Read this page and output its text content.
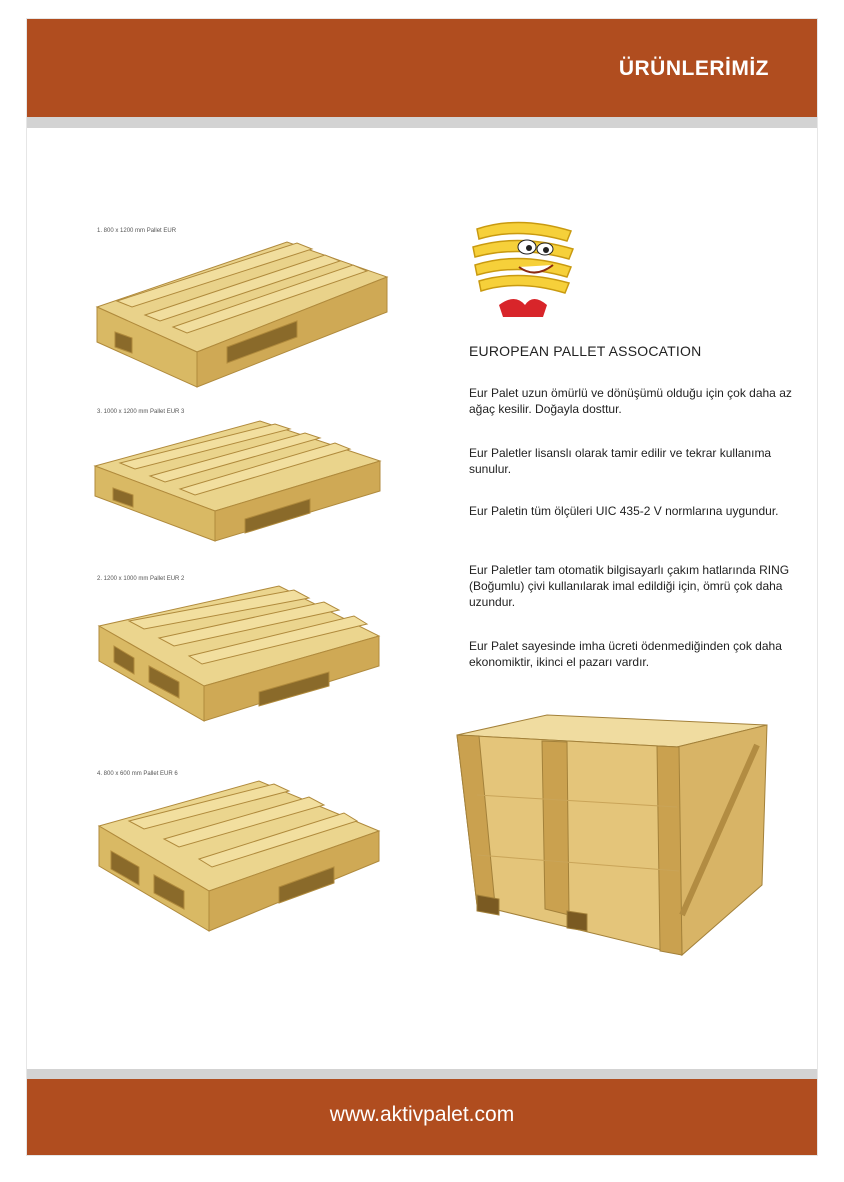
ÜRÜNLERİMİZ
1. 800 x 1200 mm Pallet EUR
3. 1000 x 1200 mm Pallet EUR 3
2. 1200 x 1000 mm Pallet EUR 2
4. 800 x 600 mm Pallet EUR 6
EUROPEAN PALLET ASSOCATION
Eur Palet uzun ömürlü ve dönüşümü olduğu için çok daha az ağaç kesilir. Doğayla dosttur.
Eur Paletler lisanslı olarak tamir edilir ve tekrar kullanıma sunulur.
Eur Paletin tüm ölçüleri UIC 435-2 V normlarına uygundur.
Eur Paletler tam otomatik bilgisayarlı çakım hatlarında RING (Boğumlu) çivi kullanılarak imal edildiği için, ömrü çok daha uzundur.
Eur Palet sayesinde imha ücreti ödenmediğinden çok daha ekonomiktir, ikinci el pazarı vardır.
www.aktivpalet.com
